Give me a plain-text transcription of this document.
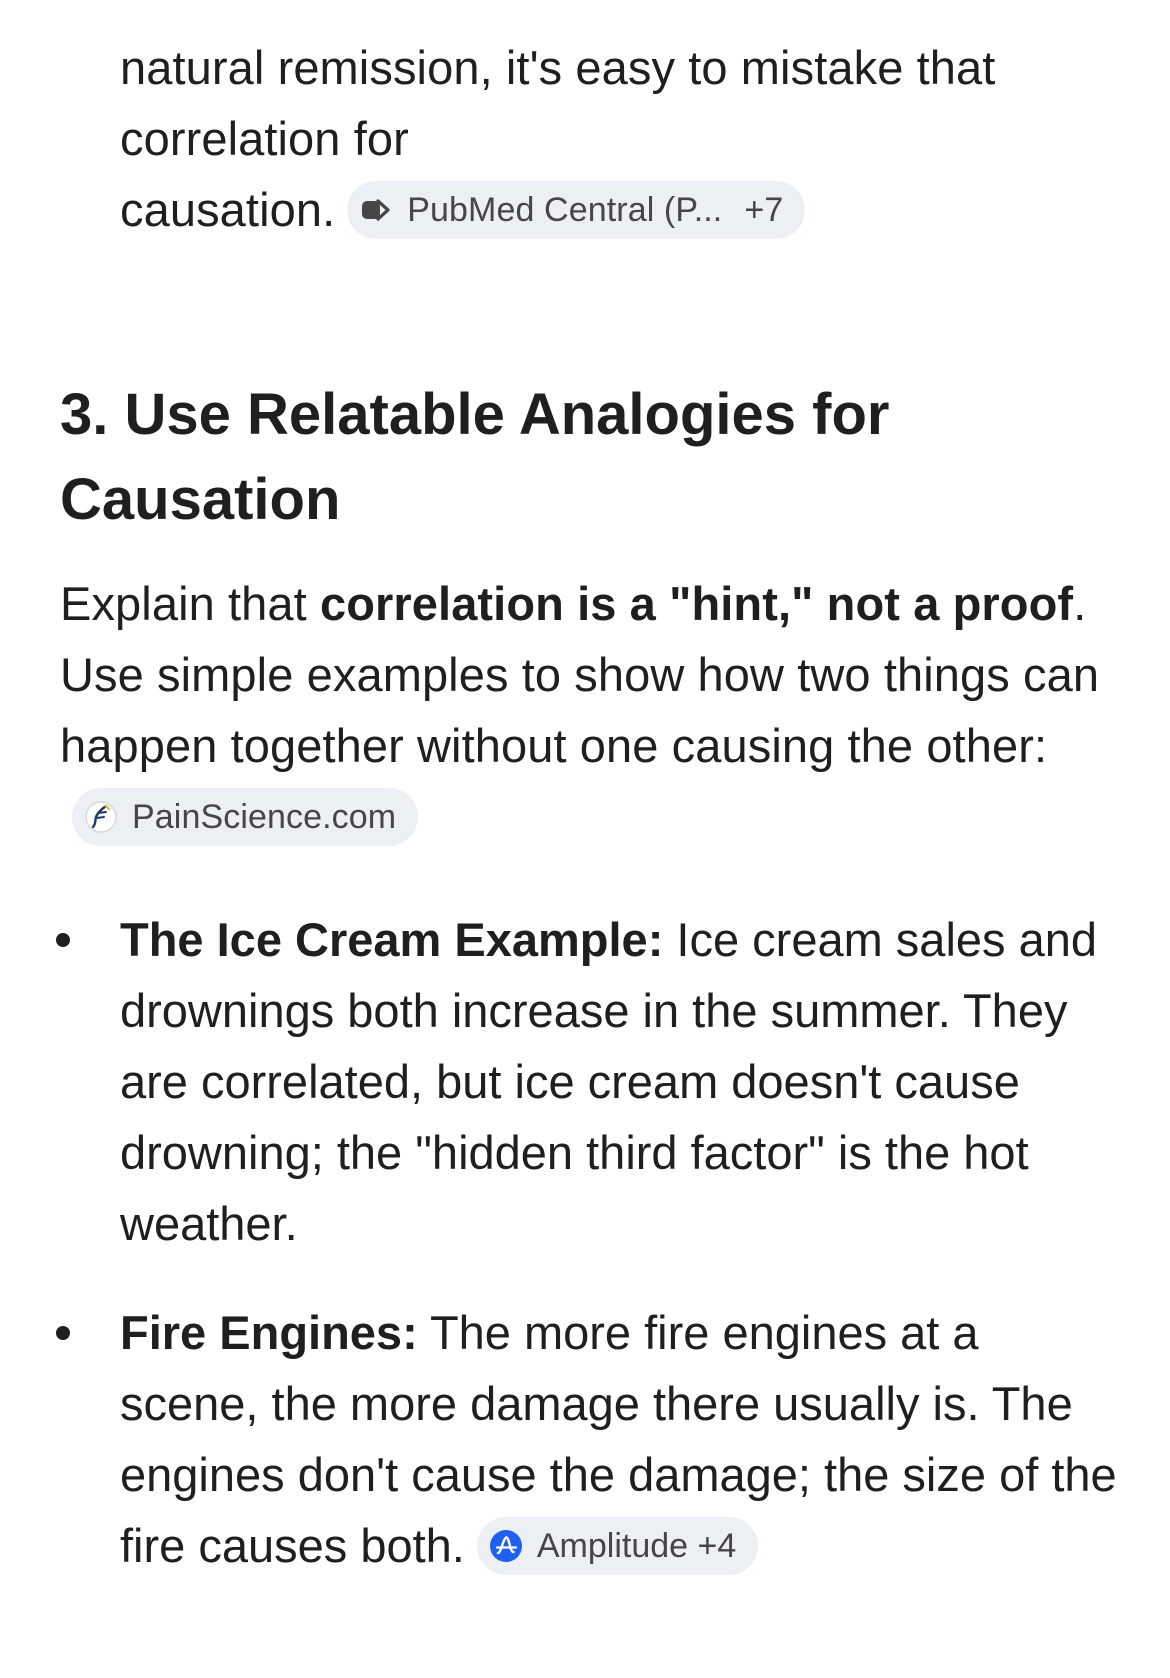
natural remission, it's easy to mistake that
correlation for
causation. PubMed Central (P... +7
3. Use Relatable Analogies for Causation
Explain that correlation is a "hint," not a proof. Use simple examples to show how two things can happen together without one causing the other:
PainScience.com
The Ice Cream Example: Ice cream sales and drownings both increase in the summer. They are correlated, but ice cream doesn't cause drowning; the "hidden third factor" is the hot weather.
Fire Engines: The more fire engines at a scene, the more damage there usually is. The engines don't cause the damage; the size of the fire causes both. Amplitude +4
